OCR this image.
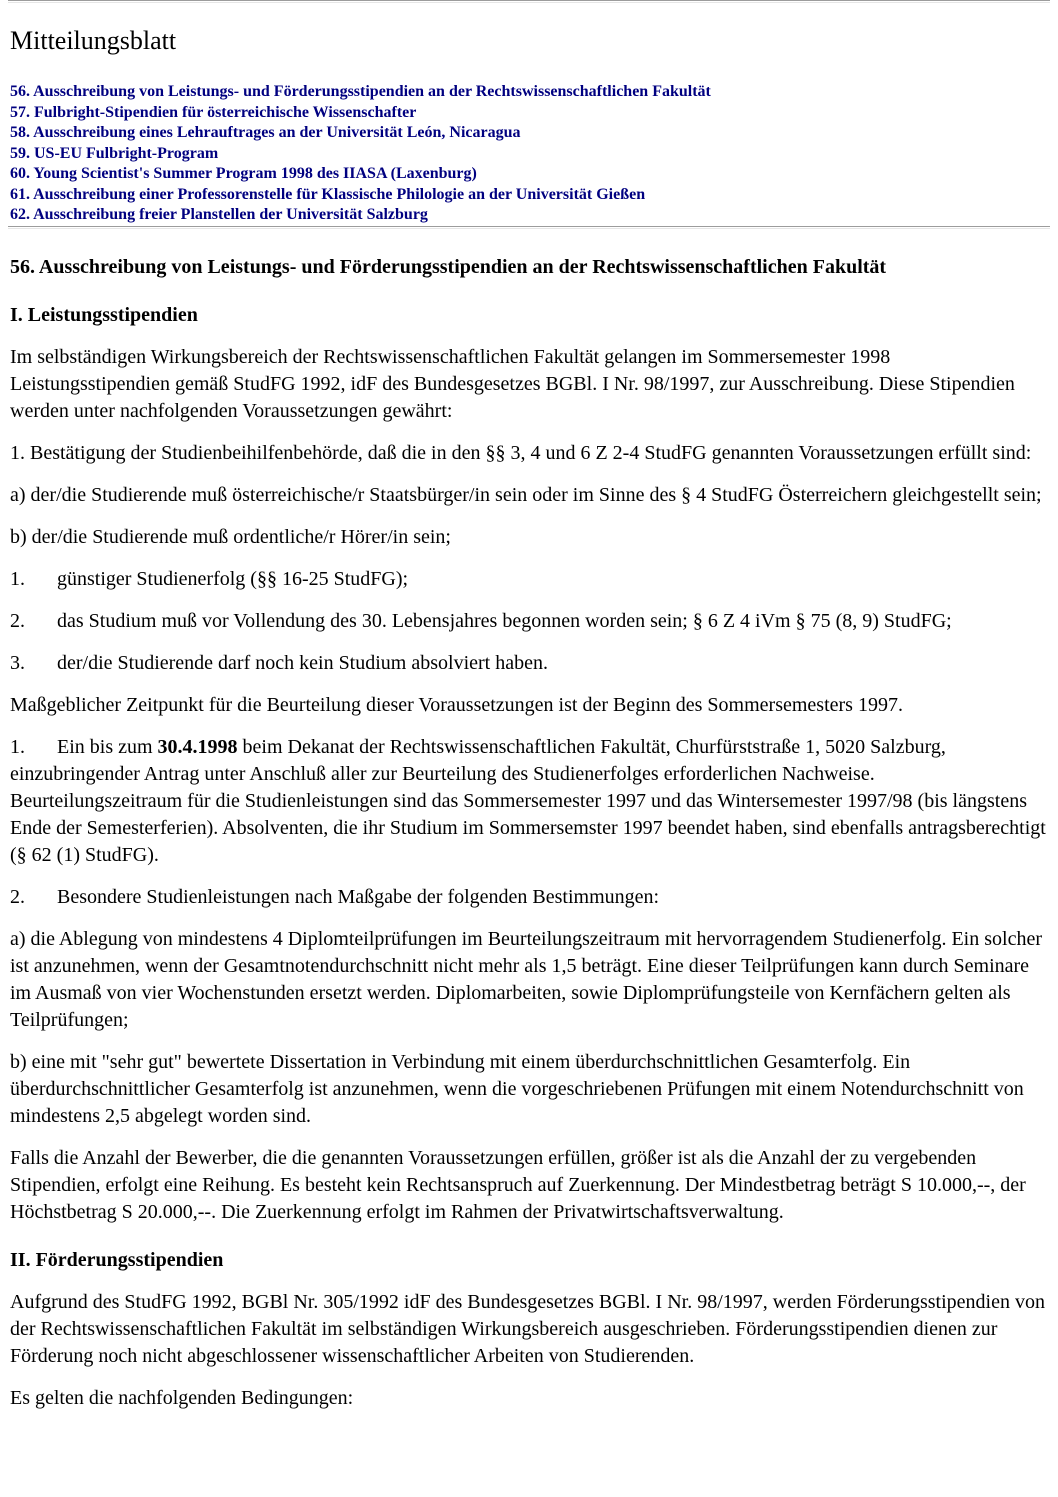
Mitteilungsblatt
56. Ausschreibung von Leistungs- und Förderungsstipendien an der Rechtswissenschaftlichen Fakultät
57. Fulbright-Stipendien für österreichische Wissenschafter
58. Ausschreibung eines Lehrauftrages an der Universität León, Nicaragua
59. US-EU Fulbright-Program
60. Young Scientist's Summer Program 1998 des IIASA (Laxenburg)
61. Ausschreibung einer Professorenstelle für Klassische Philologie an der Universität Gießen
62. Ausschreibung freier Planstellen der Universität Salzburg
56. Ausschreibung von Leistungs- und Förderungsstipendien an der Rechtswissenschaftlichen Fakultät
I. Leistungsstipendien

Im selbständigen Wirkungsbereich der Rechtswissenschaftlichen Fakultät gelangen im Sommersemester 1998 Leistungsstipendien gemäß StudFG 1992, idF des Bundesgesetzes BGBl. I Nr. 98/1997, zur Ausschreibung. Diese Stipendien werden unter nachfolgenden Voraussetzungen gewährt:

1. Bestätigung der Studienbeihilfenbehörde, daß die in den §§ 3, 4 und 6 Z 2-4 StudFG genannten Voraussetzungen erfüllt sind:

a) der/die Studierende muß österreichische/r Staatsbürger/in sein oder im Sinne des § 4 StudFG Österreichern gleichgestellt sein;

b) der/die Studierende muß ordentliche/r Hörer/in sein;

1. günstiger Studienerfolg (§§ 16-25 StudFG);
2. das Studium muß vor Vollendung des 30. Lebensjahres begonnen worden sein; § 6 Z 4 iVm § 75 (8, 9) StudFG;
3. der/die Studierende darf noch kein Studium absolviert haben.

Maßgeblicher Zeitpunkt für die Beurteilung dieser Voraussetzungen ist der Beginn des Sommersemesters 1997.

1. Ein bis zum 30.4.1998 beim Dekanat der Rechtswissenschaftlichen Fakultät, Churfürststraße 1, 5020 Salzburg, einzubringender Antrag unter Anschluß aller zur Beurteilung des Studienerfolges erforderlichen Nachweise. Beurteilungszeitraum für die Studienleistungen sind das Sommersemester 1997 und das Wintersemester 1997/98 (bis längstens Ende der Semesterferien). Absolventen, die ihr Studium im Sommersemster 1997 beendet haben, sind ebenfalls antragsberechtigt (§ 62 (1) StudFG).
2. Besondere Studienleistungen nach Maßgabe der folgenden Bestimmungen:

a) die Ablegung von mindestens 4 Diplomteilprüfungen im Beurteilungszeitraum mit hervorragendem Studienerfolg. Ein solcher ist anzunehmen, wenn der Gesamtnotendurchschnitt nicht mehr als 1,5 beträgt. Eine dieser Teilprüfungen kann durch Seminare im Ausmaß von vier Wochenstunden ersetzt werden. Diplomarbeiten, sowie Diplomprüfungsteile von Kernfächern gelten als Teilprüfungen;

b) eine mit "sehr gut" bewertete Dissertation in Verbindung mit einem überdurchschnittlichen Gesamterfolg. Ein überdurchschnittlicher Gesamterfolg ist anzunehmen, wenn die vorgeschriebenen Prüfungen mit einem Notendurchschnitt von mindestens 2,5 abgelegt worden sind.

Falls die Anzahl der Bewerber, die die genannten Voraussetzungen erfüllen, größer ist als die Anzahl der zu vergebenden Stipendien, erfolgt eine Reihung. Es besteht kein Rechtsanspruch auf Zuerkennung. Der Mindestbetrag beträgt S 10.000,--, der Höchstbetrag S 20.000,--. Die Zuerkennung erfolgt im Rahmen der Privatwirtschaftsverwaltung.

II. Förderungsstipendien

Aufgrund des StudFG 1992, BGBl Nr. 305/1992 idF des Bundesgesetzes BGBl. I Nr. 98/1997, werden Förderungsstipendien von der Rechtswissenschaftlichen Fakultät im selbständigen Wirkungsbereich ausgeschrieben. Förderungsstipendien dienen zur Förderung noch nicht abgeschlossener wissenschaftlicher Arbeiten von Studierenden.

Es gelten die nachfolgenden Bedingungen:
